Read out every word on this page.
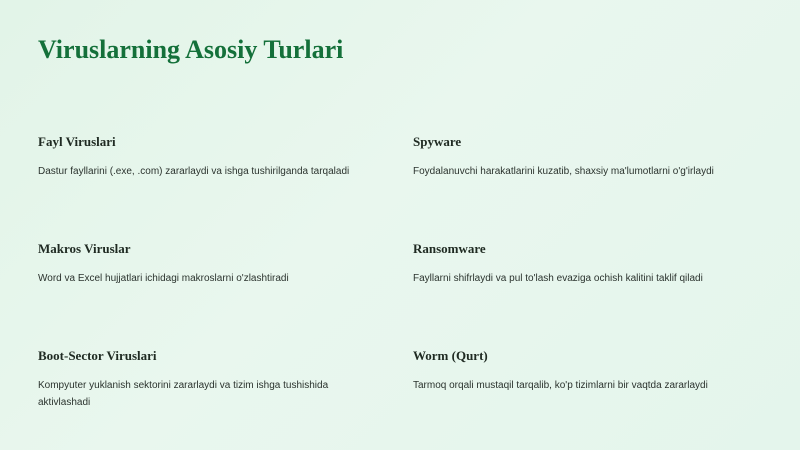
Viruslarning Asosiy Turlari
Fayl Viruslari
Dastur fayllarini (.exe, .com) zararlaydi va ishga tushirilganda tarqaladi
Spyware
Foydalanuvchi harakatlarini kuzatib, shaxsiy ma'lumotlarni o'g'irlaydi
Makros Viruslar
Word va Excel hujjatlari ichidagi makroslarni o'zlashtiradi
Ransomware
Fayllarni shifrlaydi va pul to'lash evaziga ochish kalitini taklif qiladi
Boot-Sector Viruslari
Kompyuter yuklanish sektorini zararlaydi va tizim ishga tushishida aktivlashadi
Worm (Qurt)
Tarmoq orqali mustaqil tarqalib, ko'p tizimlarni bir vaqtda zararlaydi
